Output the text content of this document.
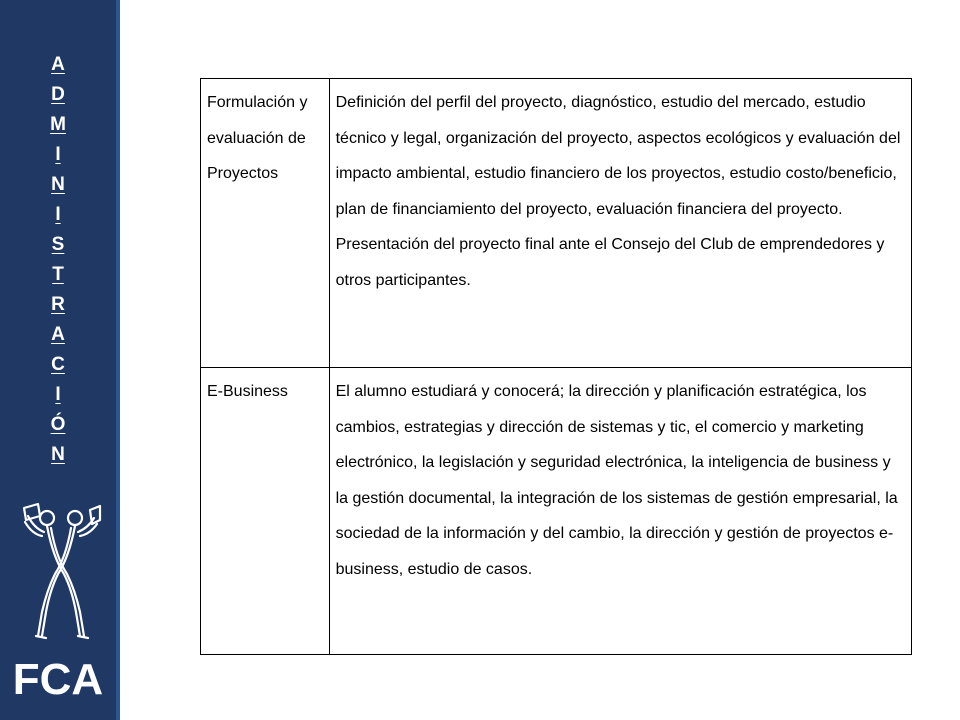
A
D
M
I
N
I
S
T
R
A
C
I
Ó
N
FCA
Formulación y evaluación de Proyectos	Definición del perfil del proyecto, diagnóstico, estudio del mercado, estudio técnico y legal, organización del proyecto, aspectos ecológicos y evaluación del impacto ambiental, estudio financiero de los proyectos, estudio costo/beneficio, plan de financiamiento del proyecto, evaluación financiera del proyecto. Presentación del proyecto final ante el Consejo del Club de emprendedores y otros participantes.
E-Business	El alumno estudiará y conocerá; la dirección y planificación estratégica, los cambios, estrategias y dirección de sistemas y tic, el comercio y marketing electrónico, la legislación y seguridad electrónica, la inteligencia de business y la gestión documental, la integración de los sistemas de gestión empresarial, la sociedad de la información y del cambio, la dirección y gestión de proyectos e-business, estudio de casos.
